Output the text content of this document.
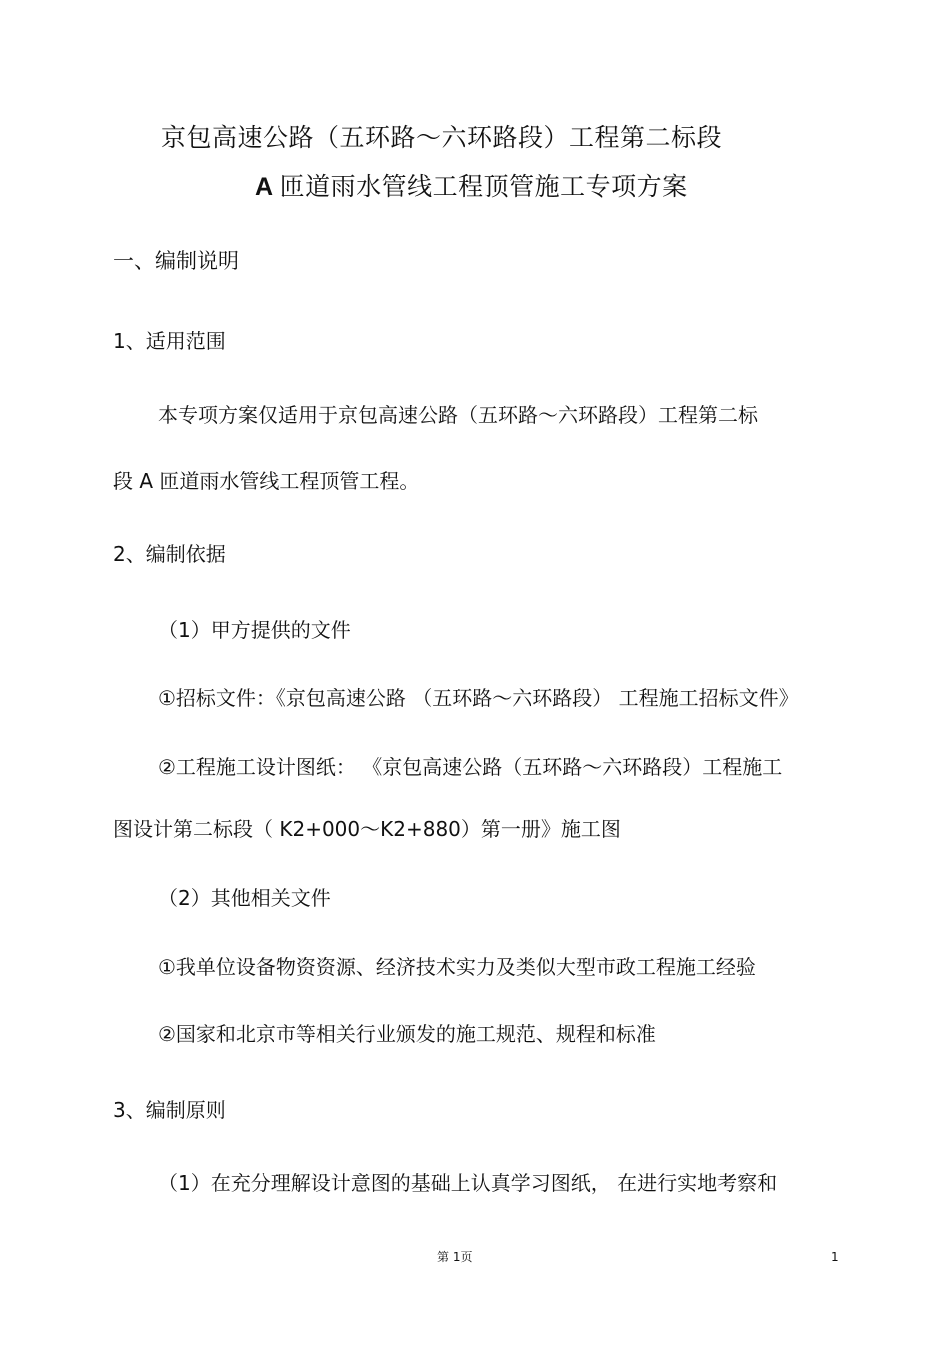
京包高速公路（五环路～六环路段）工程第二标段
A 匝道雨水管线工程顶管施工专项方案
一、编制说明
1、适用范围
本专项方案仅适用于京包高速公路（五环路～六环路段）工程第二标
段 A 匝道雨水管线工程顶管工程。
2、编制依据
（1）甲方提供的文件
①招标文件：《京包高速公路 （五环路～六环路段） 工程施工招标文件》
②工程施工设计图纸： 《京包高速公路（五环路～六环路段）工程施工
图设计第二标段（ K2+000～K2+880）第一册》施工图
（2）其他相关文件
①我单位设备物资资源、经济技术实力及类似大型市政工程施工经验
②国家和北京市等相关行业颁发的施工规范、规程和标准
3、编制原则
（1）在充分理解设计意图的基础上认真学习图纸， 在进行实地考察和
第 1页	1
